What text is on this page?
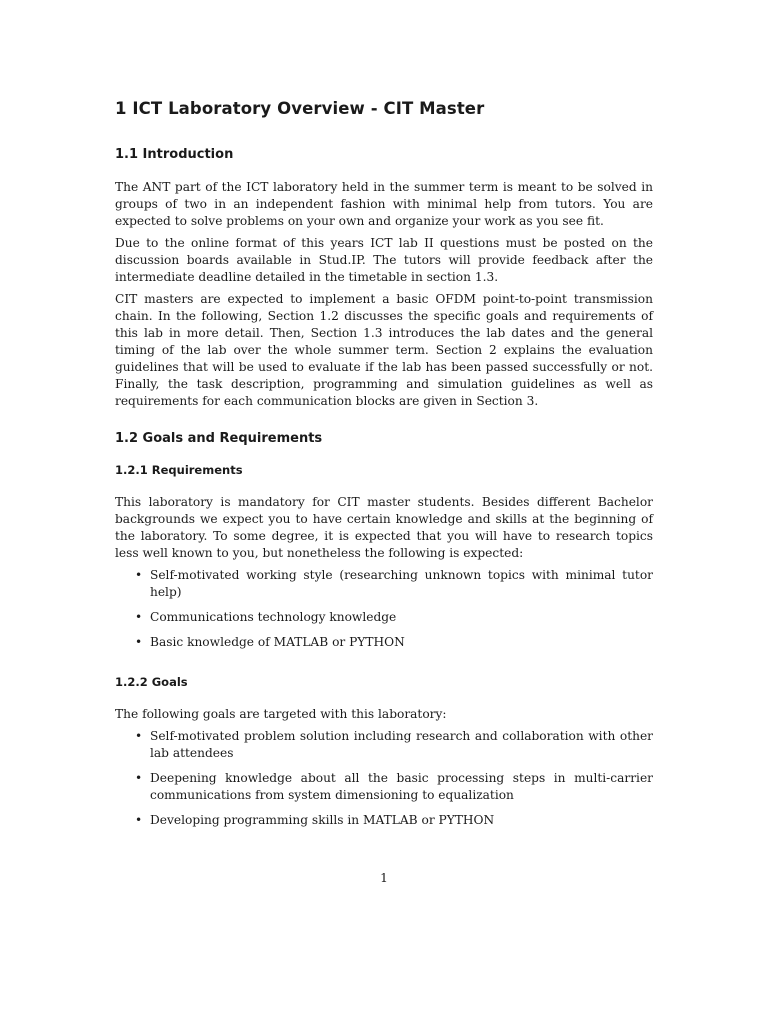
1 ICT Laboratory Overview - CIT Master
1.1 Introduction

The ANT part of the ICT laboratory held in the summer term is meant to be solved in groups of two in an independent fashion with minimal help from tutors. You are expected to solve problems on your own and organize your work as you see fit.

Due to the online format of this years ICT lab II questions must be posted on the discussion boards available in Stud.IP. The tutors will provide feedback after the intermediate deadline detailed in the timetable in section 1.3.

CIT masters are expected to implement a basic OFDM point-to-point transmission chain. In the following, Section 1.2 discusses the specific goals and requirements of this lab in more detail. Then, Section 1.3 introduces the lab dates and the general timing of the lab over the whole summer term. Section 2 explains the evaluation guidelines that will be used to evaluate if the lab has been passed successfully or not. Finally, the task description, programming and simulation guidelines as well as requirements for each communication blocks are given in Section 3.

1.2 Goals and Requirements
1.2.1 Requirements

This laboratory is mandatory for CIT master students. Besides different Bachelor backgrounds we expect you to have certain knowledge and skills at the beginning of the laboratory. To some degree, it is expected that you will have to research topics less well known to you, but nonetheless the following is expected:

• Self-motivated working style (researching unknown topics with minimal tutor help)
• Communications technology knowledge
• Basic knowledge of MATLAB or PYTHON
1.2.2 Goals

The following goals are targeted with this laboratory:

• Self-motivated problem solution including research and collaboration with other lab attendees
• Deepening knowledge about all the basic processing steps in multi-carrier communications from system dimensioning to equalization
• Developing programming skills in MATLAB or PYTHON
1
